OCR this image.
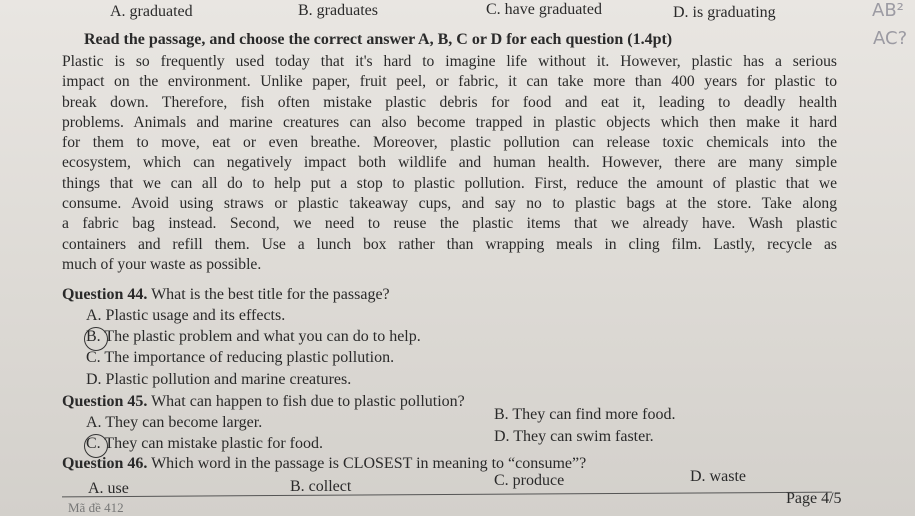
A. graduated	B. graduates	C. have graduated	D. is graduating	AB²
AC?
Read the passage, and choose the correct answer A, B, C or D for each question (1.4pt)
Plastic is so frequently used today that it's hard to imagine life without it. However, plastic has a serious
impact on the environment. Unlike paper, fruit peel, or fabric, it can take more than 400 years for plastic to
break down. Therefore, fish often mistake plastic debris for food and eat it, leading to deadly health
problems. Animals and marine creatures can also become trapped in plastic objects which then make it hard
for them to move, eat or even breathe. Moreover, plastic pollution can release toxic chemicals into the
ecosystem, which can negatively impact both wildlife and human health. However, there are many simple
things that we can all do to help put a stop to plastic pollution. First, reduce the amount of plastic that we
consume. Avoid using straws or plastic takeaway cups, and say no to plastic bags at the store. Take along
a fabric bag instead. Second, we need to reuse the plastic items that we already have. Wash plastic
containers and refill them. Use a lunch box rather than wrapping meals in cling film. Lastly, recycle as
much of your waste as possible.
Question 44. What is the best title for the passage?
A. Plastic usage and its effects.
B. The plastic problem and what you can do to help.
C. The importance of reducing plastic pollution.
D. Plastic pollution and marine creatures.
Question 45. What can happen to fish due to plastic pollution?
A. They can become larger.	B. They can find more food.
C. They can mistake plastic for food.	D. They can swim faster.
Question 46. Which word in the passage is CLOSEST in meaning to “consume”?
A. use	B. collect	C. produce	D. waste
Mã đề 412
Page 4/5
